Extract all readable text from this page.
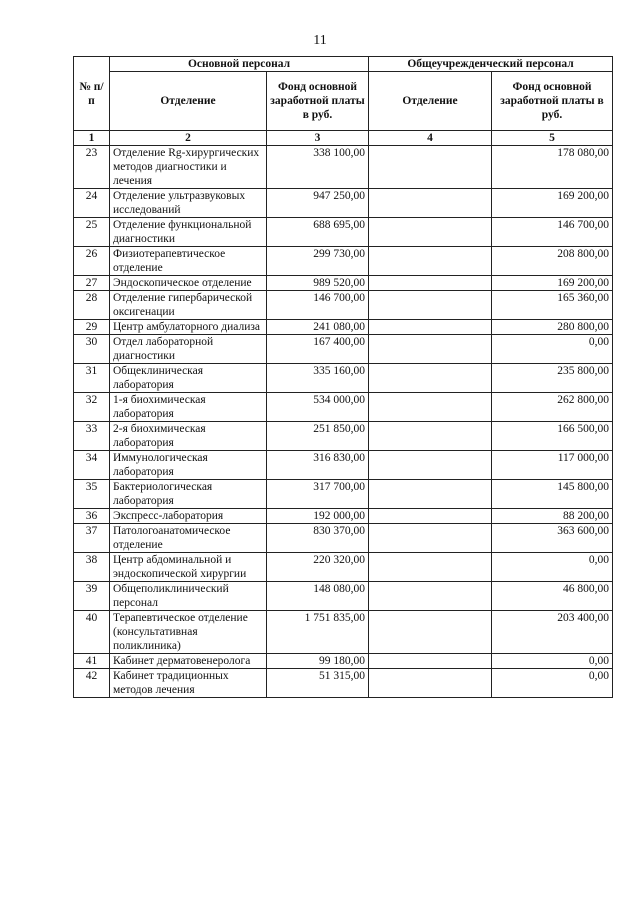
11
№ п/п	Основной персонал		Общеучрежденческий персонал	
	Отделение	Фонд основной заработной платы в руб.	Отделение	Фонд основной заработной платы в руб.
1	2	3	4	5
23	Отделение Rg-хирургических методов диагностики и лечения	338 100,00		178 080,00
24	Отделение ультразвуковых исследований	947 250,00		169 200,00
25	Отделение функциональной диагностики	688 695,00		146 700,00
26	Физиотерапевтическое отделение	299 730,00		208 800,00
27	Эндоскопическое отделение	989 520,00		169 200,00
28	Отделение гипербарической оксигенации	146 700,00		165 360,00
29	Центр амбулаторного диализа	241 080,00		280 800,00
30	Отдел лабораторной диагностики	167 400,00		0,00
31	Общеклиническая лаборатория	335 160,00		235 800,00
32	1-я биохимическая лаборатория	534 000,00		262 800,00
33	2-я биохимическая лаборатория	251 850,00		166 500,00
34	Иммунологическая лаборатория	316 830,00		117 000,00
35	Бактериологическая лаборатория	317 700,00		145 800,00
36	Экспресс-лаборатория	192 000,00		88 200,00
37	Патологоанатомическое отделение	830 370,00		363 600,00
38	Центр абдоминальной и эндоскопической хирургии	220 320,00		0,00
39	Общеполиклинический персонал	148 080,00		46 800,00
40	Терапевтическое отделение (консультативная поликлиника)	1 751 835,00		203 400,00
41	Кабинет дерматовенеролога	99 180,00		0,00
42	Кабинет традиционных методов лечения	51 315,00		0,00
